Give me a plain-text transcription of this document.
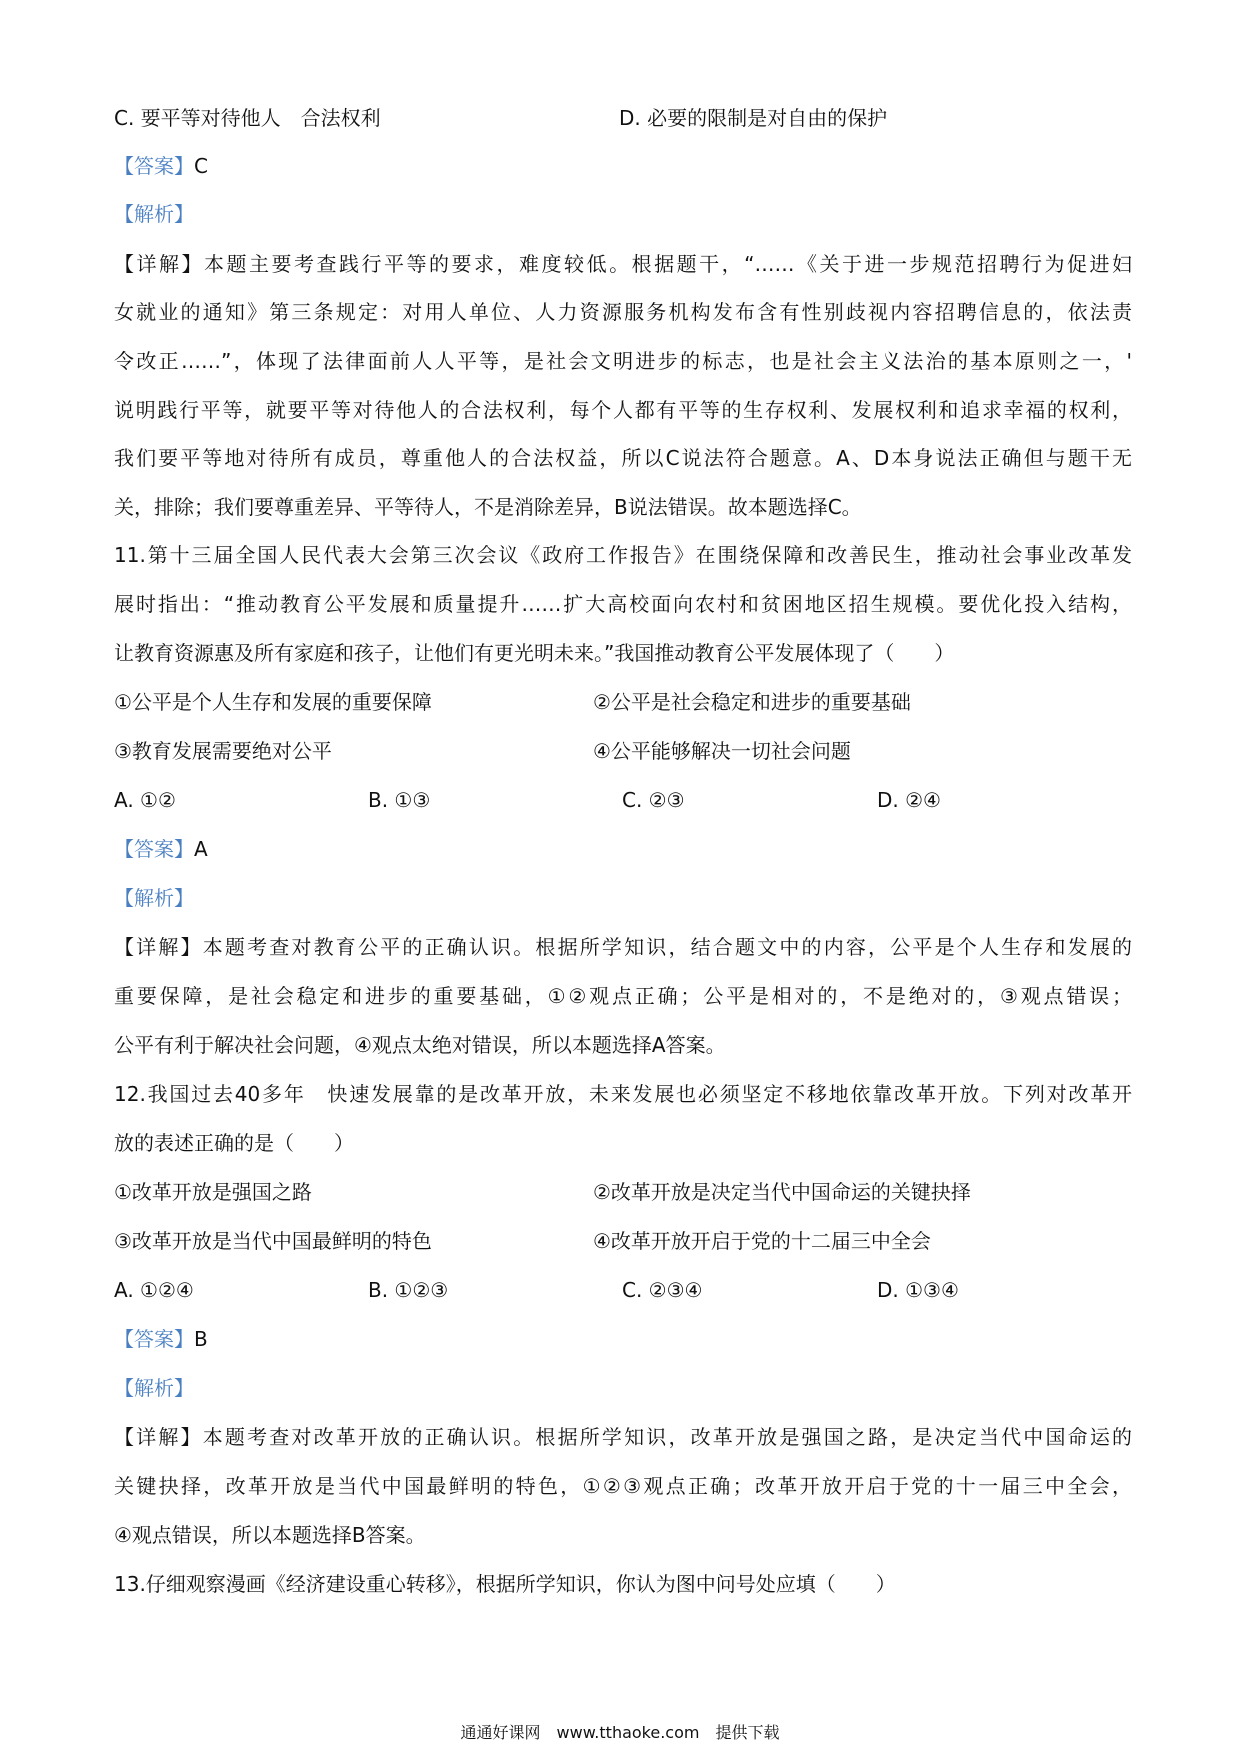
C. 要平等对待他人　合法权利	D. 必要的限制是对自由的保护
【答案】C
【解析】
【详解】本题主要考查践行平等的要求，难度较低。根据题干，“……《关于进一步规范招聘行为促进妇
女就业的通知》第三条规定：对用人单位、人力资源服务机构发布含有性别歧视内容招聘信息的，依法责
令改正……”，体现了法律面前人人平等，是社会文明进步的标志，也是社会主义法治的基本原则之一，'
说明践行平等，就要平等对待他人的合法权利，每个人都有平等的生存权利、发展权利和追求幸福的权利，
我们要平等地对待所有成员，尊重他人的合法权益，所以C说法符合题意。A、D本身说法正确但与题干无
关，排除；我们要尊重差异、平等待人，不是消除差异，B说法错误。故本题选择C。
11.第十三届全国人民代表大会第三次会议《政府工作报告》在围绕保障和改善民生，推动社会事业改革发
展时指出：“推动教育公平发展和质量提升……扩大高校面向农村和贫困地区招生规模。要优化投入结构，
让教育资源惠及所有家庭和孩子，让他们有更光明未来。”我国推动教育公平发展体现了（　　）
①公平是个人生存和发展的重要保障	②公平是社会稳定和进步的重要基础
③教育发展需要绝对公平	④公平能够解决一切社会问题
A. ①②	B. ①③	C. ②③	D. ②④
【答案】A
【解析】
【详解】本题考查对教育公平的正确认识。根据所学知识，结合题文中的内容，公平是个人生存和发展的
重要保障，是社会稳定和进步的重要基础，①②观点正确；公平是相对的，不是绝对的，③观点错误；
公平有利于解决社会问题，④观点太绝对错误，所以本题选择A答案。
12.我国过去40多年　快速发展靠的是改革开放，未来发展也必须坚定不移地依靠改革开放。下列对改革开
放的表述正确的是（　　）
①改革开放是强国之路	②改革开放是决定当代中国命运的关键抉择
③改革开放是当代中国最鲜明的特色	④改革开放开启于党的十二届三中全会
A. ①②④	B. ①②③	C. ②③④	D. ①③④
【答案】B
【解析】
【详解】本题考查对改革开放的正确认识。根据所学知识，改革开放是强国之路，是决定当代中国命运的
关键抉择，改革开放是当代中国最鲜明的特色，①②③观点正确；改革开放开启于党的十一届三中全会，
④观点错误，所以本题选择B答案。
13.仔细观察漫画《经济建设重心转移》，根据所学知识，你认为图中问号处应填（　　）
通通好课网　www.tthaoke.com　提供下载
